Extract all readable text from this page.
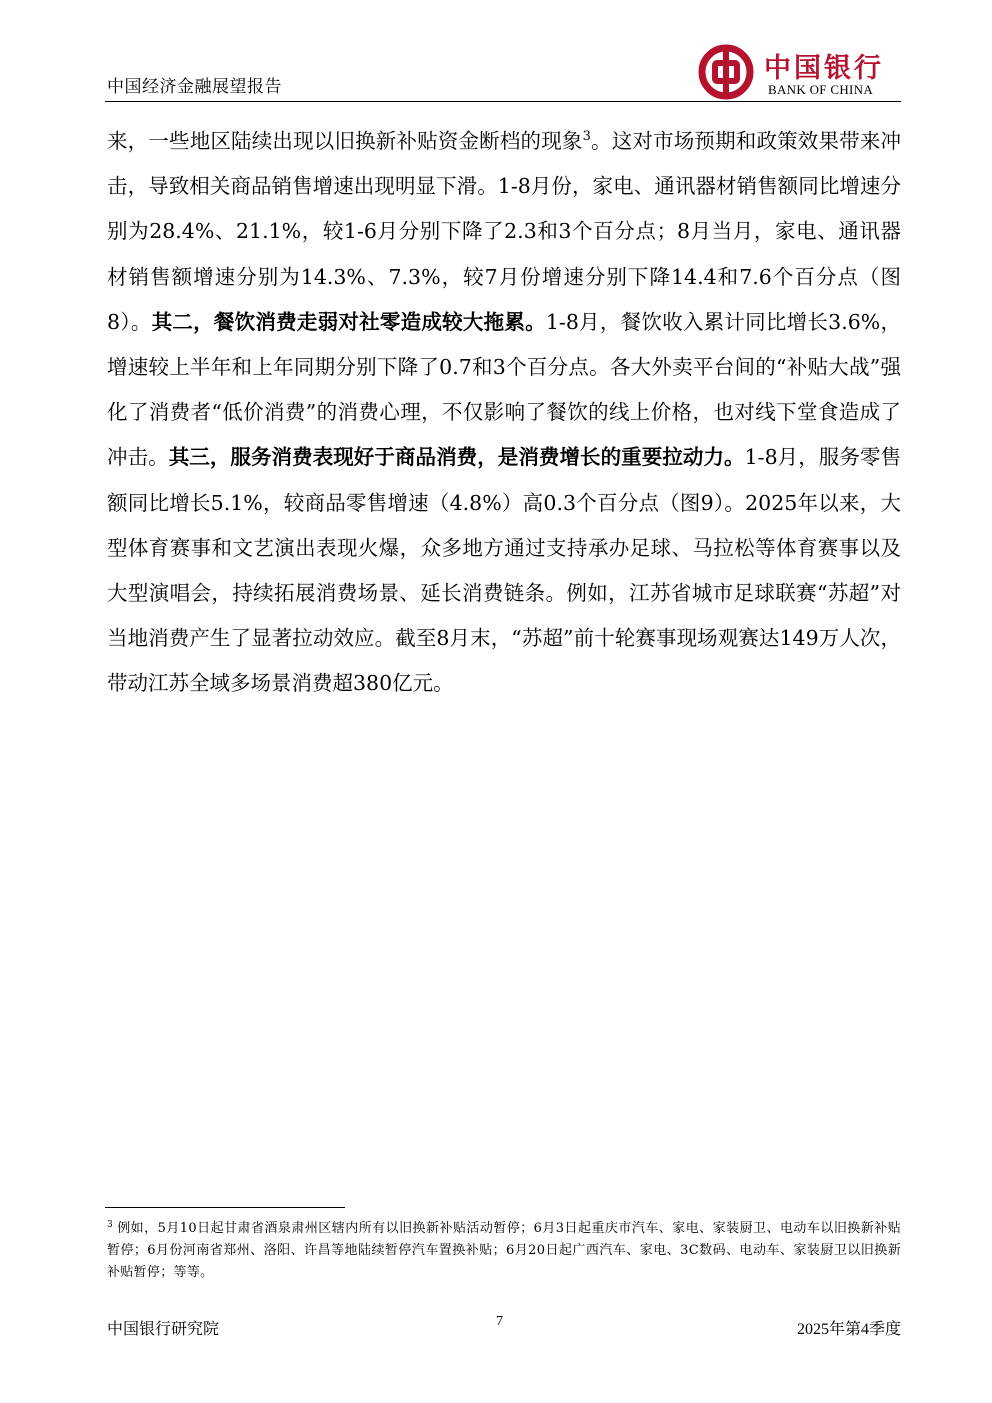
中国经济金融展望报告
中国银行
BANK OF CHINA

来，一些地区陆续出现以旧换新补贴资金断档的现象$^3$。这对市场预期和政策效果带来冲击，导致相关商品销售增速出现明显下滑。1-8月份，家电、通讯器材销售额同比增速分别为28.4%、21.1%，较1-6月分别下降了2.3和3个百分点；8月当月，家电、通讯器材销售额增速分别为14.3%、7.3%，较7月份增速分别下降14.4和7.6个百分点（图8）。其二，餐饮消费走弱对社零造成较大拖累。1-8月，餐饮收入累计同比增长3.6%，增速较上半年和上年同期分别下降了0.7和3个百分点。各大外卖平台间的“补贴大战”强化了消费者“低价消费”的消费心理，不仅影响了餐饮的线上价格，也对线下堂食造成了冲击。其三，服务消费表现好于商品消费，是消费增长的重要拉动力。1-8月，服务零售额同比增长5.1%，较商品零售增速（4.8%）高0.3个百分点（图9）。2025年以来，大型体育赛事和文艺演出表现火爆，众多地方通过支持承办足球、马拉松等体育赛事以及大型演唱会，持续拓展消费场景、延长消费链条。例如，江苏省城市足球联赛“苏超”对当地消费产生了显著拉动效应。截至8月末，“苏超”前十轮赛事现场观赛达149万人次，带动江苏全域多场景消费超380亿元。

$^3$ 例如，5月10日起甘肃省酒泉肃州区辖内所有以旧换新补贴活动暂停；6月3日起重庆市汽车、家电、家装厨卫、电动车以旧换新补贴暂停；6月份河南省郑州、洛阳、许昌等地陆续暂停汽车置换补贴；6月20日起广西汽车、家电、3C数码、电动车、家装厨卫以旧换新补贴暂停；等等。

中国银行研究院	7	2025年第4季度
